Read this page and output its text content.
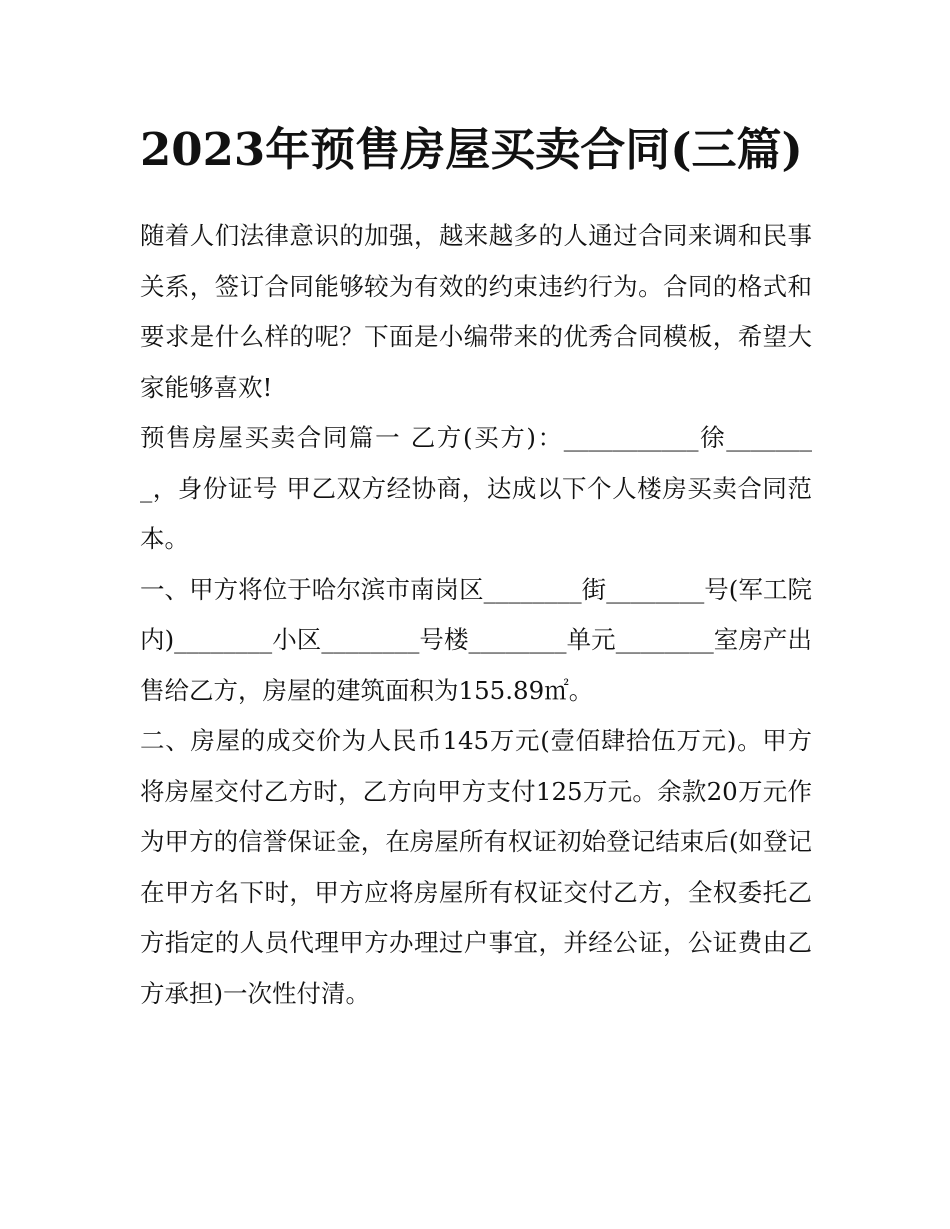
2023年预售房屋买卖合同(三篇)

随着人们法律意识的加强，越来越多的人通过合同来调和民事关系，签订合同能够较为有效的约束违约行为。合同的格式和要求是什么样的呢？下面是小编带来的优秀合同模板，希望大家能够喜欢!

预售房屋买卖合同篇一 乙方(买方)：___________徐________，身份证号 甲乙双方经协商，达成以下个人楼房买卖合同范本。

一、甲方将位于哈尔滨市南岗区________街________号(军工院内)________小区________号楼________单元________室房产出售给乙方，房屋的建筑面积为155.89㎡。

二、房屋的成交价为人民币145万元(壹佰肆拾伍万元)。甲方将房屋交付乙方时，乙方向甲方支付125万元。余款20万元作为甲方的信誉保证金，在房屋所有权证初始登记结束后(如登记在甲方名下时，甲方应将房屋所有权证交付乙方，全权委托乙方指定的人员代理甲方办理过户事宜，并经公证，公证费由乙方承担)一次性付清。
